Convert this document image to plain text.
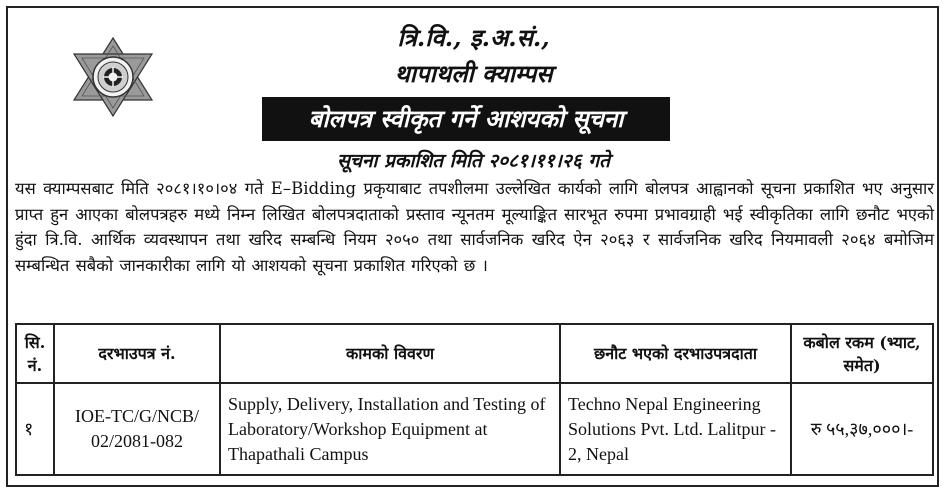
त्रि.वि., इ.अ.सं.,
थापाथली क्याम्पस
बोलपत्र स्वीकृत गर्ने आशयको सूचना
सूचना प्रकाशित मिति २०८१।११।२६ गते
यस क्याम्पसबाट मिति २०८१।१०।०४ गते E–Bidding प्रकृयाबाट तपशीलमा उल्लेखित कार्यको लागि बोलपत्र आह्वानको सूचना प्रकाशित भए अनुसार प्राप्त हुन आएका बोलपत्रहरु मध्ये निम्न लिखित बोलपत्रदाताको प्रस्ताव न्यूनतम मूल्याङ्कित सारभूत रुपमा प्रभावग्राही भई स्वीकृतिका लागि छनौट भएको हुंदा त्रि.वि. आर्थिक व्यवस्थापन तथा खरिद सम्बन्धि नियम २०५० तथा सार्वजनिक खरिद ऐन २०६३ र सार्वजनिक खरिद नियमावली २०६४ बमोजिम सम्बन्धित सबैको जानकारीका लागि यो आशयको सूचना प्रकाशित गरिएको छ ।
सि. नं.	दरभाउपत्र नं.	कामको विवरण	छनौट भएको दरभाउपत्रदाता	कबोल रकम (भ्याट, समेत)
१	IOE-TC/G/NCB/ 02/2081-082	Supply, Delivery, Installation and Testing of Laboratory/Workshop Equipment at Thapathali Campus	Techno Nepal Engineering Solutions Pvt. Ltd. Lalitpur - 2, Nepal	रु ५५,३७,०००।-
